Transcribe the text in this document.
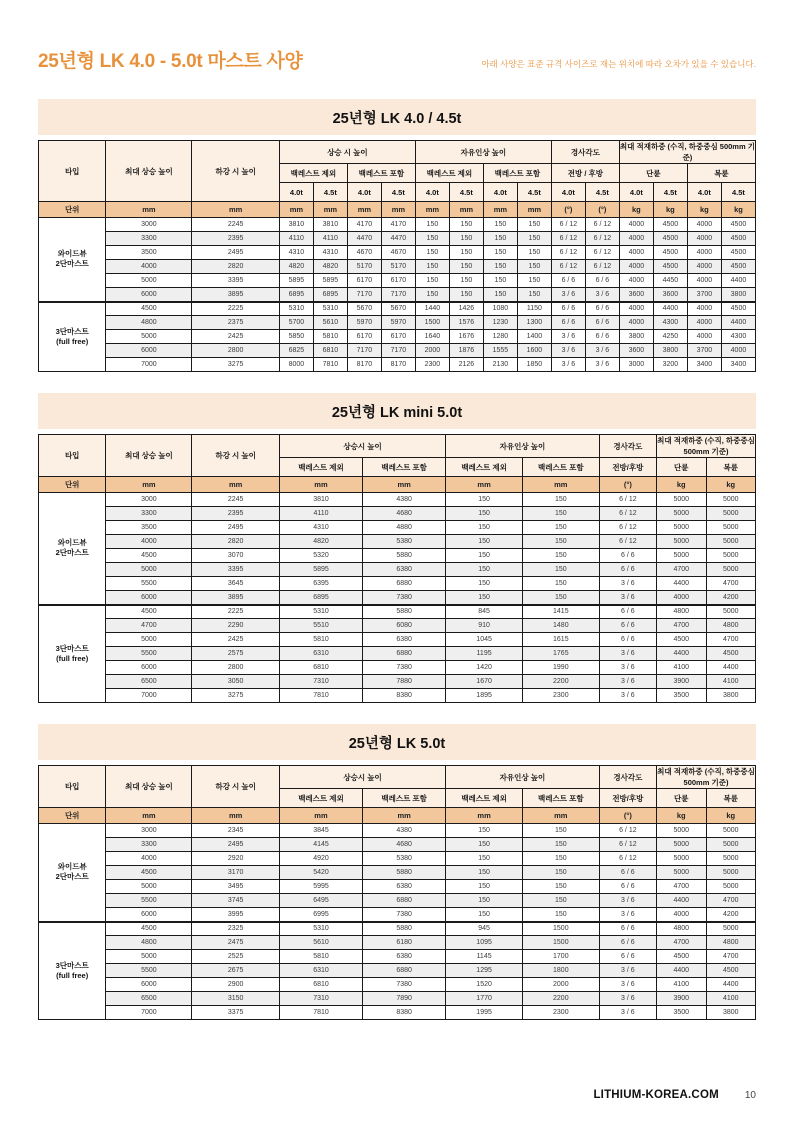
25년형 LK 4.0 - 5.0t 마스트 사양	아래 사양은 표준 규격 사이즈로 재는 위치에 따라 오차가 있을 수 있습니다.

25년형 LK 4.0 / 4.5t
타입	최대 상승 높이	하강 시 높이	상승 시 높이				자유인상 높이				경사각도		최대 적재하중 (수직, 하중중심 500mm 기준)			
			백레스트 제외		백레스트 포함		백레스트 제외		백레스트 포함		전방 / 후방		단륜		복륜	
			4.0t	4.5t	4.0t	4.5t	4.0t	4.5t	4.0t	4.5t	4.0t	4.5t	4.0t	4.5t	4.0t	4.5t
단위	mm	mm	mm	mm	mm	mm	mm	mm	mm	mm	(°)	(°)	kg	kg	kg	kg

와이드뷰
2단마스트	3000	2245	3810	3810	4170	4170	150	150	150	150	6 / 12	6 / 12	4000	4500	4000	4500
	3300	2395	4110	4110	4470	4470	150	150	150	150	6 / 12	6 / 12	4000	4500	4000	4500
	3500	2495	4310	4310	4670	4670	150	150	150	150	6 / 12	6 / 12	4000	4500	4000	4500
	4000	2820	4820	4820	5170	5170	150	150	150	150	6 / 12	6 / 12	4000	4500	4000	4500
	5000	3395	5895	5895	6170	6170	150	150	150	150	6 / 6	6 / 6	4000	4450	4000	4400
	6000	3895	6895	6895	7170	7170	150	150	150	150	3 / 6	3 / 6	3600	3600	3700	3800

3단마스트
(full free)	4500	2225	5310	5310	5670	5670	1440	1426	1080	1150	6 / 6	6 / 6	4000	4400	4000	4500
	4800	2375	5700	5610	5970	5970	1500	1576	1230	1300	6 / 6	6 / 6	4000	4300	4000	4400
	5000	2425	5850	5810	6170	6170	1640	1676	1280	1400	3 / 6	6 / 6	3800	4250	4000	4300
	6000	2800	6825	6810	7170	7170	2000	1876	1555	1600	3 / 6	3 / 6	3600	3800	3700	4000
	7000	3275	8000	7810	8170	8170	2300	2126	2130	1850	3 / 6	3 / 6	3000	3200	3400	3400
25년형 LK mini 5.0t
타입	최대 상승 높이	하강 시 높이	상승시 높이		자유인상 높이		경사각도	최대 적재하중 (수직, 하중중심 500mm 기준)	
			백레스트 제외	백레스트 포함	백레스트 제외	백레스트 포함	전방/후방	단륜	복륜
단위	mm	mm	mm	mm	mm	mm	(°)	kg	kg

와이드뷰
2단마스트	3000	2245	3810	4380	150	150	6 / 12	5000	5000
	3300	2395	4110	4680	150	150	6 / 12	5000	5000
	3500	2495	4310	4880	150	150	6 / 12	5000	5000
	4000	2820	4820	5380	150	150	6 / 12	5000	5000
	4500	3070	5320	5880	150	150	6 / 6	5000	5000
	5000	3395	5895	6380	150	150	6 / 6	4700	5000
	5500	3645	6395	6880	150	150	3 / 6	4400	4700
	6000	3895	6895	7380	150	150	3 / 6	4000	4200

3단마스트
(full free)	4500	2225	5310	5880	845	1415	6 / 6	4800	5000
	4700	2290	5510	6080	910	1480	6 / 6	4700	4800
	5000	2425	5810	6380	1045	1615	6 / 6	4500	4700
	5500	2575	6310	6880	1195	1765	3 / 6	4400	4500
	6000	2800	6810	7380	1420	1990	3 / 6	4100	4400
	6500	3050	7310	7880	1670	2200	3 / 6	3900	4100
	7000	3275	7810	8380	1895	2300	3 / 6	3500	3800
25년형 LK 5.0t
타입	최대 상승 높이	하강 시 높이	상승시 높이		자유인상 높이		경사각도	최대 적재하중 (수직, 하중중심 500mm 기준)	
			백레스트 제외	백레스트 포함	백레스트 제외	백레스트 포함	전방/후방	단륜	복륜
단위	mm	mm	mm	mm	mm	mm	(°)	kg	kg

와이드뷰
2단마스트	3000	2345	3845	4380	150	150	6 / 12	5000	5000
	3300	2495	4145	4680	150	150	6 / 12	5000	5000
	4000	2920	4920	5380	150	150	6 / 12	5000	5000
	4500	3170	5420	5880	150	150	6 / 6	5000	5000
	5000	3495	5995	6380	150	150	6 / 6	4700	5000
	5500	3745	6495	6880	150	150	3 / 6	4400	4700
	6000	3995	6995	7380	150	150	3 / 6	4000	4200

3단마스트
(full free)	4500	2325	5310	5880	945	1500	6 / 6	4800	5000
	4800	2475	5610	6180	1095	1500	6 / 6	4700	4800
	5000	2525	5810	6380	1145	1700	6 / 6	4500	4700
	5500	2675	6310	6880	1295	1800	3 / 6	4400	4500
	6000	2900	6810	7380	1520	2000	3 / 6	4100	4400
	6500	3150	7310	7890	1770	2200	3 / 6	3900	4100
	7000	3375	7810	8380	1995	2300	3 / 6	3500	3800
LITHIUM-KOREA.COM	10
